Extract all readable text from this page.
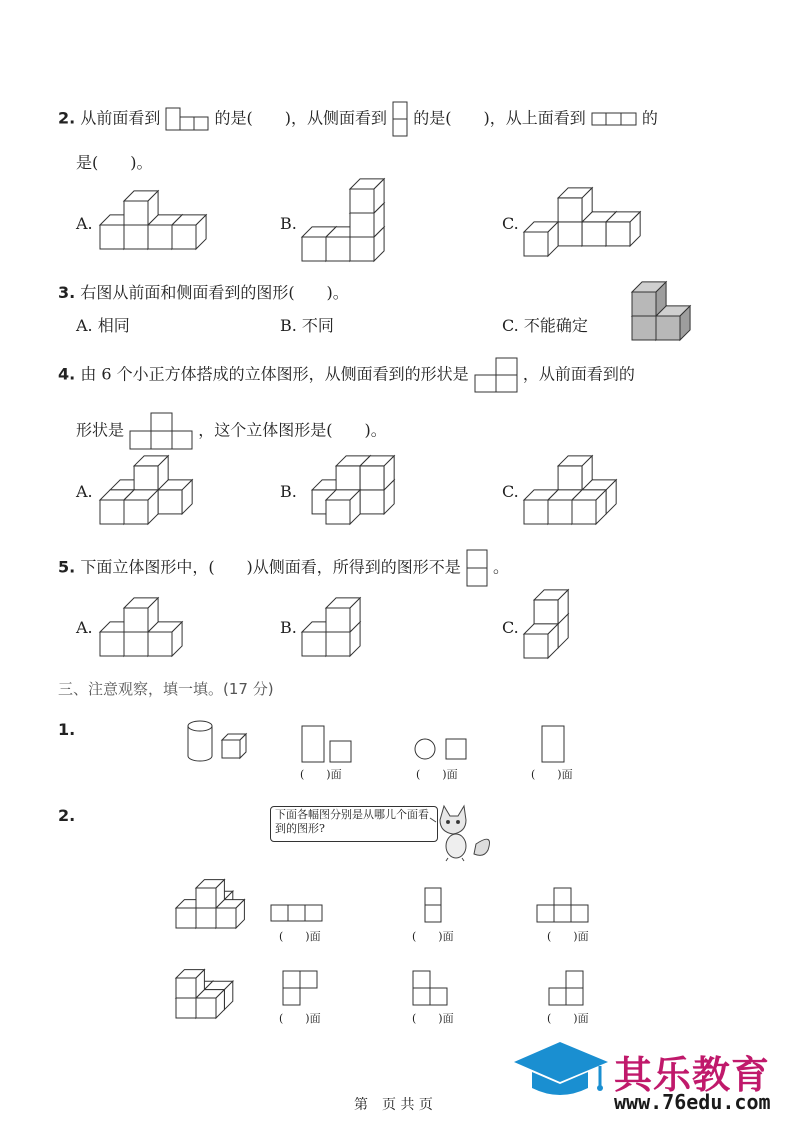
2. 从前面看到	的是(　　)，从侧面看到 的是(　　)，从上面看到	的
是(　　)。
A.	B.	C.
3. 右图从前面和侧面看到的图形(　　)。
A. 相同	B. 不同	C. 不能确定
4. 由 6 个小正方体搭成的立体图形，从侧面看到的形状是	，从前面看到的
形状是	，这个立体图形是(　　)。
A.	B.	C.
5. 下面立体图形中，(　　)从侧面看，所得到的图形不是 。
A.	B.	C.
三、注意观察，填一填。(17 分)
1.
(　　)面	(　　)面	(　　)面
2.	下面各幅图分别是从哪儿个面看到的图形?
(　　)面	(　　)面	(　　)面
(　　)面	(　　)面	(　　)面
第　页 共 页
其乐教育
www.76edu.com
